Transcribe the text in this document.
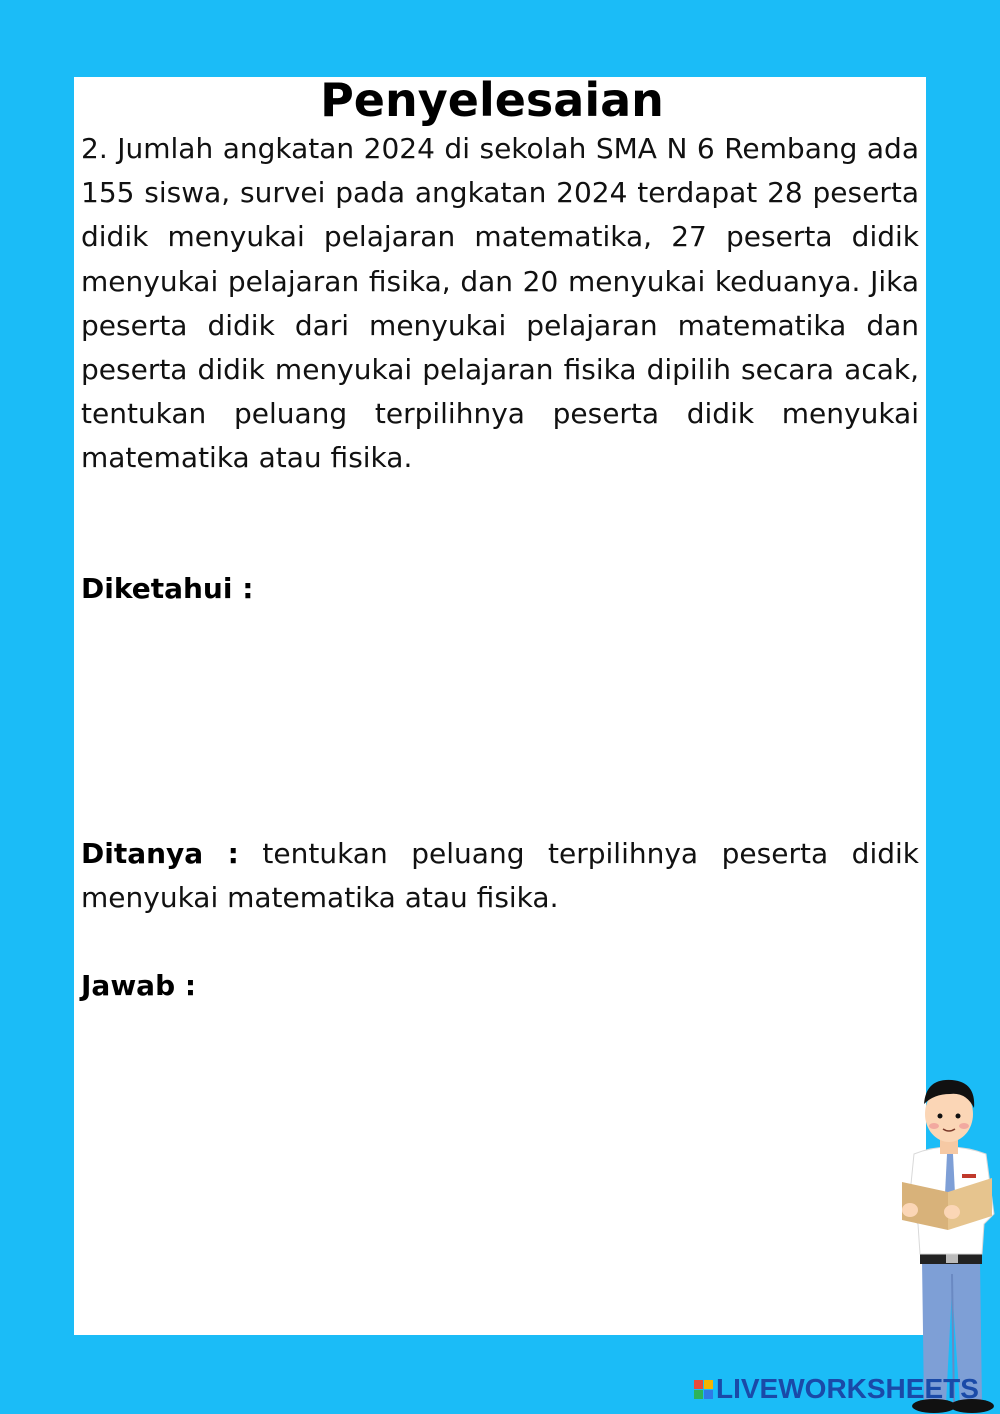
Penyelesaian

2. Jumlah angkatan 2024 di sekolah SMA N 6 Rembang ada 155 siswa, survei pada angkatan 2024 terdapat 28 peserta didik menyukai pelajaran matematika, 27 peserta didik menyukai pelajaran fisika, dan 20 menyukai keduanya. Jika peserta didik dari menyukai pelajaran matematika dan peserta didik menyukai pelajaran fisika dipilih secara acak, tentukan peluang terpilihnya peserta didik menyukai matematika atau fisika.

Diketahui :

Ditanya : tentukan peluang terpilihnya peserta didik menyukai matematika atau fisika.

Jawab :

LIVEWORKSHEETS
